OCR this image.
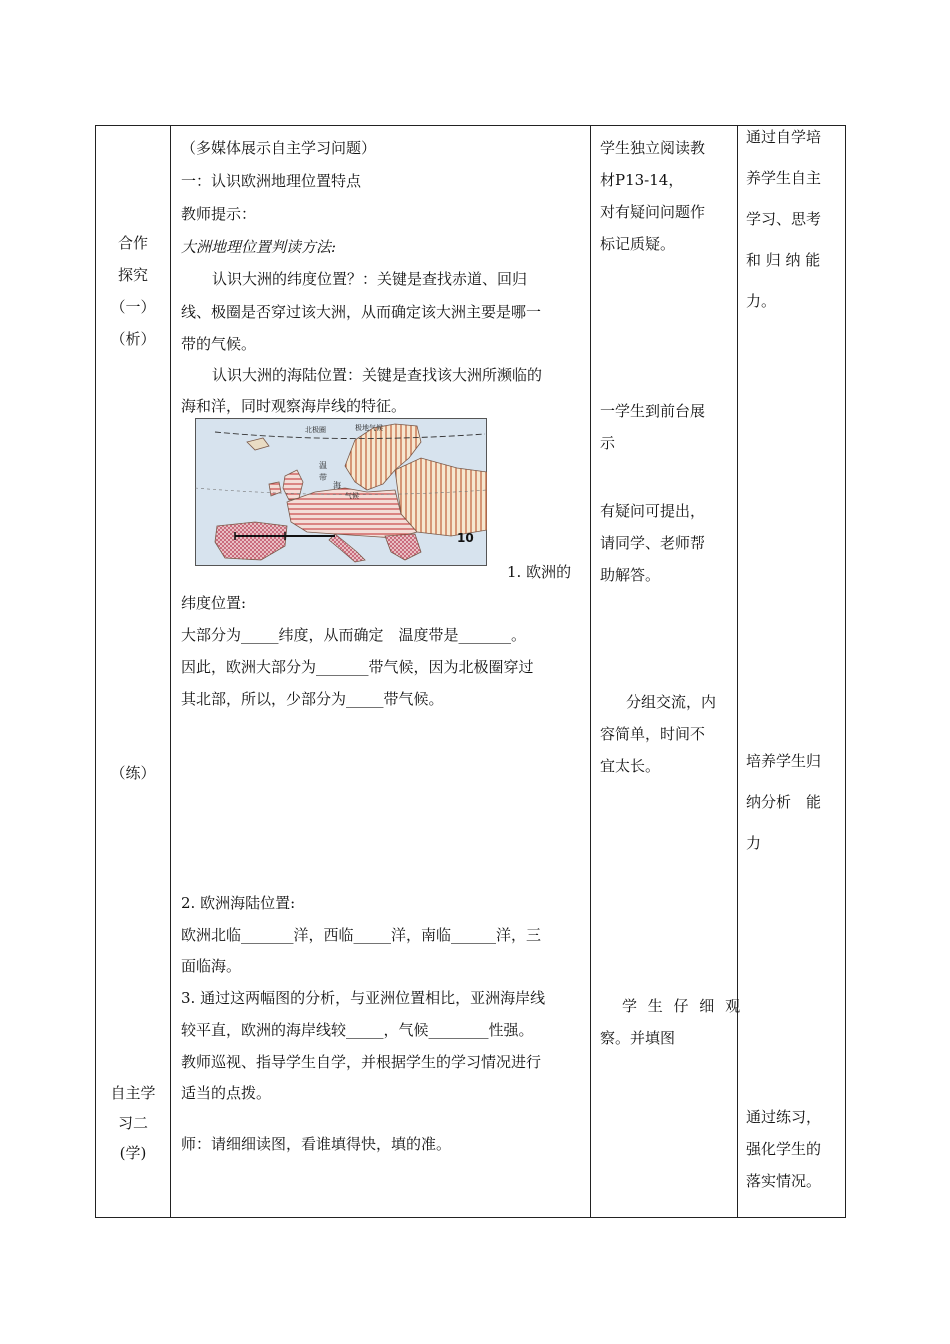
合作
探究
（一）
（析）
（练）
自主学
习二
(学)
（多媒体展示自主学习问题）
一：认识欧洲地理位置特点
教师提示：
大洲地理位置判读方法:
认识大洲的纬度位置？：关键是查找赤道、回归
线、极圈是否穿过该大洲，从而确定该大洲主要是哪一
带的气候。
认识大洲的海陆位置：关键是查找该大洲所濒临的
海和洋，同时观察海岸线的特征。
北极圈	极地气候
温
带
海
气候
10
1. 欧洲的
纬度位置:
大部分为_____纬度，从而确定　温度带是_______。
因此，欧洲大部分为_______带气候，因为北极圈穿过
其北部，所以，少部分为_____带气候。
2. 欧洲海陆位置:
欧洲北临_______洋，西临_____洋，南临______洋，三
面临海。
3. 通过这两幅图的分析，与亚洲位置相比，亚洲海岸线
较平直，欧洲的海岸线较_____，气候________性强。
教师巡视、指导学生自学，并根据学生的学习情况进行
适当的点拨。
师：请细细读图，看谁填得快，填的准。
学生独立阅读教
材P13-14，
对有疑问问题作
标记质疑。
一学生到前台展
示
有疑问可提出，
请同学、老师帮
助解答。
分组交流，内
容简单，时间不
宜太长。
学 生 仔 细 观
察。并填图
通过自学培
养学生自主
学习、思考
和 归 纳 能
力。
培养学生归
纳分析　能
力
通过练习，
强化学生的
落实情况。
